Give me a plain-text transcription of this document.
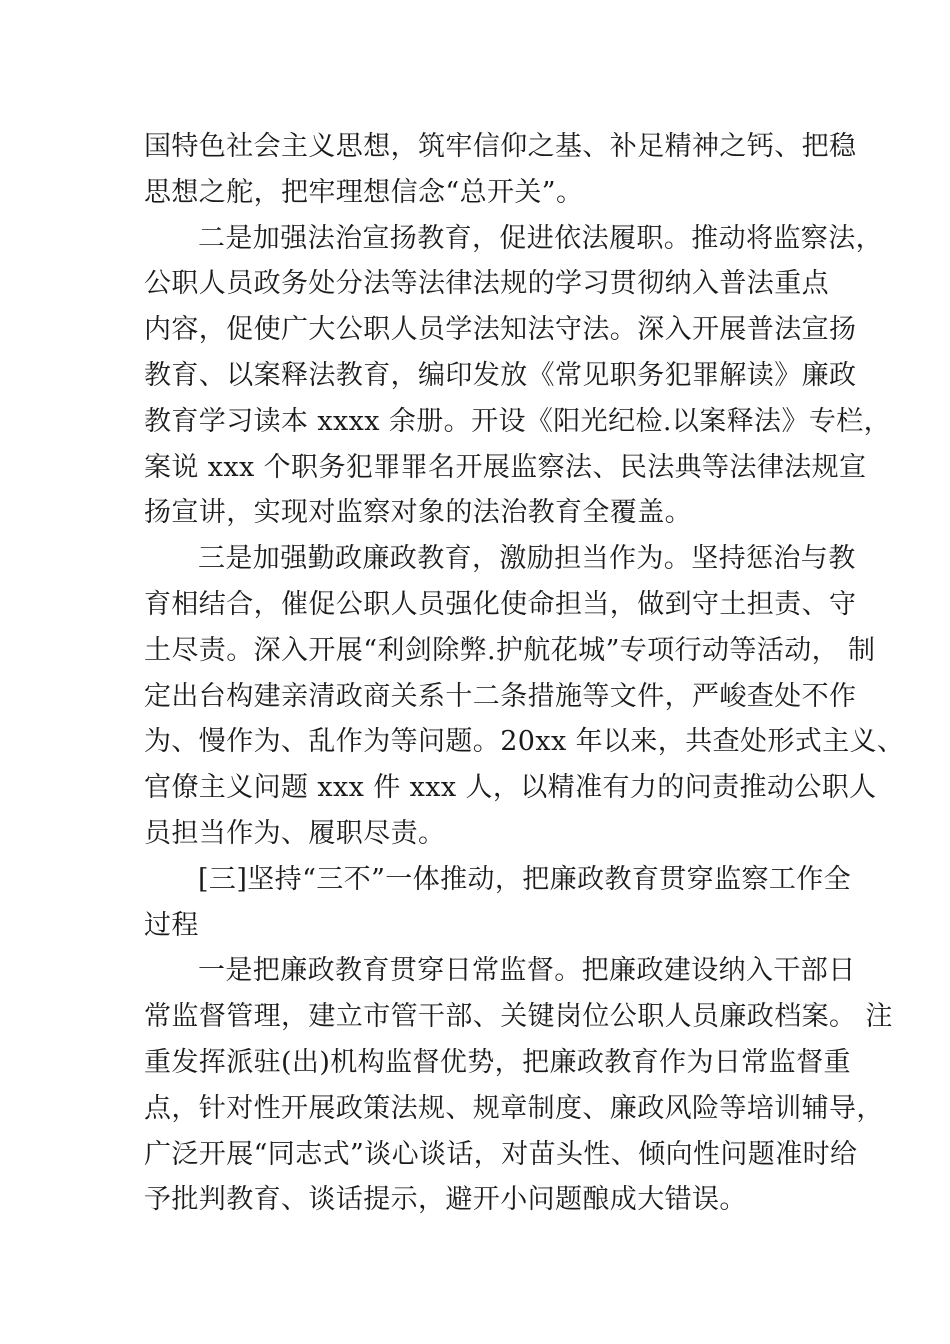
国特色社会主义思想，筑牢信仰之基、补足精神之钙、把稳
思想之舵，把牢理想信念“总开关”。
二是加强法治宣扬教育，促进依法履职。推动将监察法，
公职人员政务处分法等法律法规的学习贯彻纳入普法重点
内容，促使广大公职人员学法知法守法。深入开展普法宣扬
教育、以案释法教育，编印发放《常见职务犯罪解读》廉政
教育学习读本 xxxx 余册。开设《阳光纪检.以案释法》专栏，
案说 xxx 个职务犯罪罪名开展监察法、民法典等法律法规宣
扬宣讲，实现对监察对象的法治教育全覆盖。
三是加强勤政廉政教育，激励担当作为。坚持惩治与教
育相结合，催促公职人员强化使命担当，做到守土担责、守
土尽责。深入开展“利剑除弊.护航花城”专项行动等活动， 制
定出台构建亲清政商关系十二条措施等文件，严峻查处不作
为、慢作为、乱作为等问题。20xx 年以来，共查处形式主义、
官僚主义问题 xxx 件 xxx 人，以精准有力的问责推动公职人
员担当作为、履职尽责。
[三]坚持“三不”一体推动，把廉政教育贯穿监察工作全
过程
一是把廉政教育贯穿日常监督。把廉政建设纳入干部日
常监督管理，建立市管干部、关键岗位公职人员廉政档案。 注
重发挥派驻(出)机构监督优势，把廉政教育作为日常监督重
点，针对性开展政策法规、规章制度、廉政风险等培训辅导，
广泛开展“同志式”谈心谈话，对苗头性、倾向性问题准时给
予批判教育、谈话提示，避开小问题酿成大错误。
